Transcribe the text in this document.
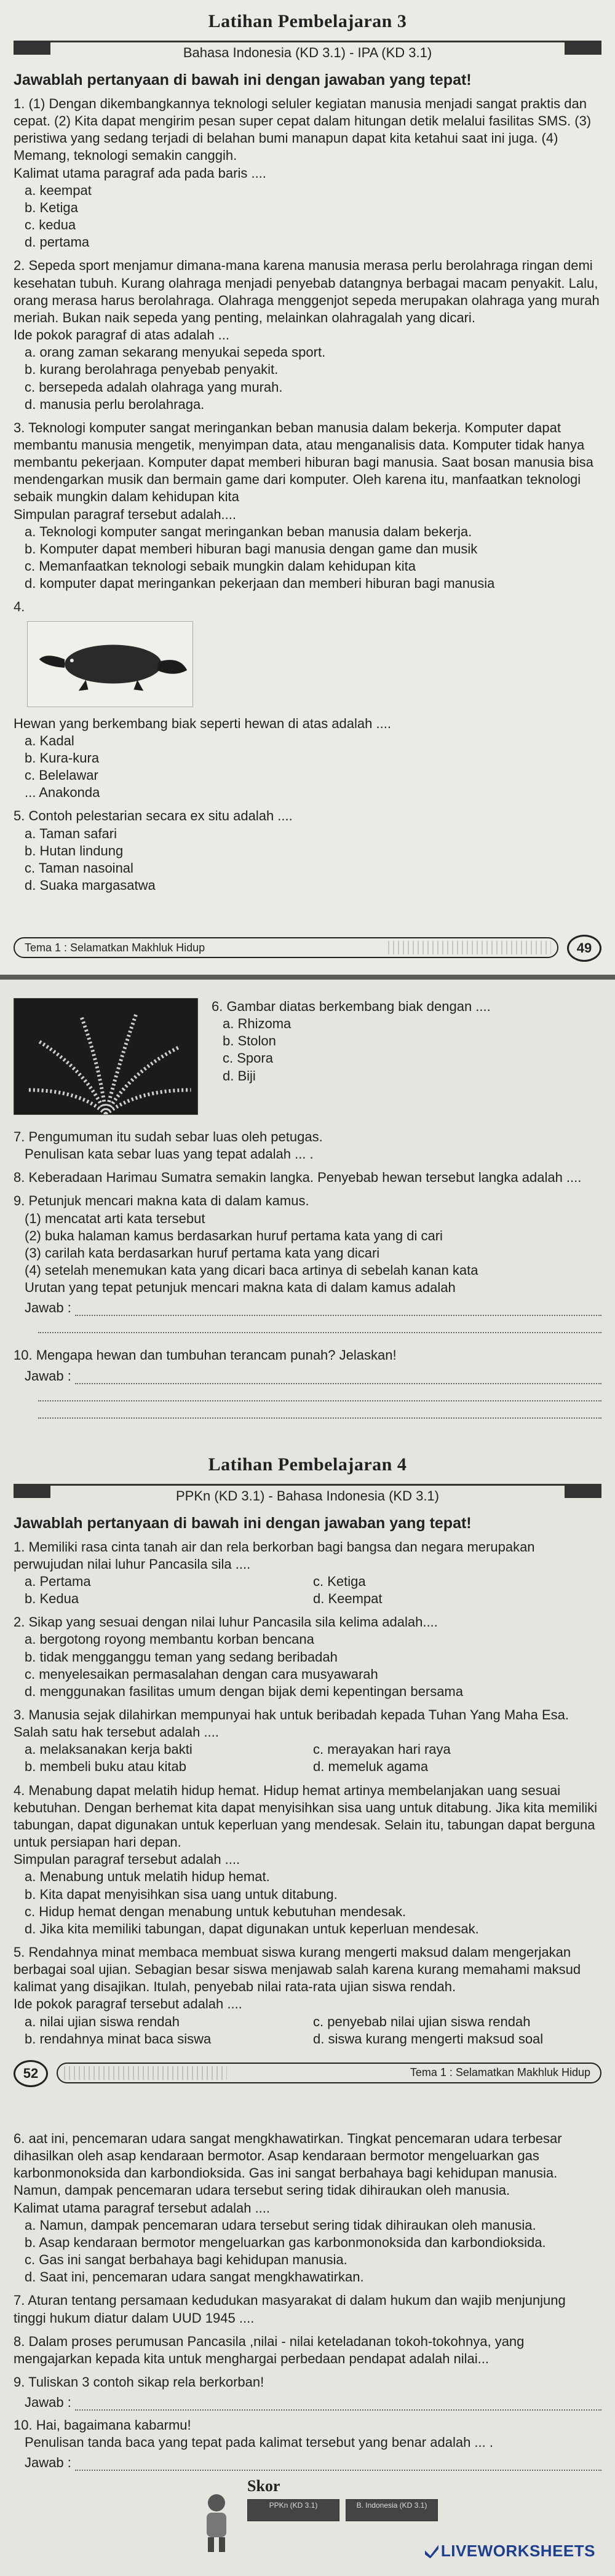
Latihan Pembelajaran 3
Bahasa Indonesia (KD 3.1) - IPA (KD 3.1)
Jawablah pertanyaan di bawah ini dengan jawaban yang tepat!

1. (1) Dengan dikembangkannya teknologi seluler kegiatan manusia menjadi sangat praktis dan cepat. (2) Kita dapat mengirim pesan super cepat dalam hitungan detik melalui fasilitas SMS. (3) peristiwa yang sedang terjadi di belahan bumi manapun dapat kita ketahui saat ini juga. (4) Memang, teknologi semakin canggih.

Kalimat utama paragraf ada pada baris ....

a. keempat
b. Ketiga
c. kedua
d. pertama

2. Sepeda sport menjamur dimana-mana karena manusia merasa perlu berolahraga ringan demi kesehatan tubuh. Kurang olahraga menjadi penyebab datangnya berbagai macam penyakit. Lalu, orang merasa harus berolahraga. Olahraga menggenjot sepeda merupakan olahraga yang murah meriah. Bukan naik sepeda yang penting, melainkan olahragalah yang dicari.

Ide pokok paragraf di atas adalah ...

a. orang zaman sekarang menyukai sepeda sport.
b. kurang berolahraga penyebab penyakit.
c. bersepeda adalah olahraga yang murah.
d. manusia perlu berolahraga.

3. Teknologi komputer sangat meringankan beban manusia dalam bekerja. Komputer dapat membantu manusia mengetik, menyimpan data, atau menganalisis data. Komputer tidak hanya membantu pekerjaan. Komputer dapat memberi hiburan bagi manusia. Saat bosan manusia bisa mendengarkan musik dan bermain game dari komputer. Oleh karena itu, manfaatkan teknologi sebaik mungkin dalam kehidupan kita

Simpulan paragraf tersebut adalah....

a. Teknologi komputer sangat meringankan beban manusia dalam bekerja.
b. Komputer dapat memberi hiburan bagi manusia dengan game dan musik
c. Memanfaatkan teknologi sebaik mungkin dalam kehidupan kita
d. komputer dapat meringankan pekerjaan dan memberi hiburan bagi manusia

4.

Hewan yang berkembang biak seperti hewan di atas adalah ....

a. Kadal
b. Kura-kura
c. Belelawar
... Anakonda

5. Contoh pelestarian secara ex situ adalah ....

a. Taman safari
b. Hutan lindung
c. Taman nasoinal
d. Suaka margasatwa
Tema 1 : Selamatkan Makhluk Hidup	49

6. Gambar diatas berkembang biak dengan ....

a. Rhizoma
b. Stolon
c. Spora
d. Biji

7. Pengumuman itu sudah sebar luas oleh petugas.

Penulisan kata sebar luas yang tepat adalah ... .

8. Keberadaan Harimau Sumatra semakin langka. Penyebab hewan tersebut langka adalah ....

9. Petunjuk mencari makna kata di dalam kamus.

(1) mencatat arti kata tersebut
(2) buka halaman kamus berdasarkan huruf pertama kata yang di cari
(3) carilah kata berdasarkan huruf pertama kata yang dicari
(4) setelah menemukan kata yang dicari baca artinya di sebelah kanan kata
Urutan yang tepat petunjuk mencari makna kata di dalam kamus adalah
Jawab :

10. Mengapa hewan dan tumbuhan terancam punah? Jelaskan!

Jawab :
Latihan Pembelajaran 4
PPKn (KD 3.1) - Bahasa Indonesia (KD 3.1)
Jawablah pertanyaan di bawah ini dengan jawaban yang tepat!

1. Memiliki rasa cinta tanah air dan rela berkorban bagi bangsa dan negara merupakan perwujudan nilai luhur Pancasila sila ....

a. Pertama	c. Ketiga
b. Kedua	d. Keempat

2. Sikap yang sesuai dengan nilai luhur Pancasila sila kelima adalah....

a. bergotong royong membantu korban bencana
b. tidak mengganggu teman yang sedang beribadah
c. menyelesaikan permasalahan dengan cara musyawarah
d. menggunakan fasilitas umum dengan bijak demi kepentingan bersama

3. Manusia sejak dilahirkan mempunyai hak untuk beribadah kepada Tuhan Yang Maha Esa. Salah satu hak tersebut adalah ....

a. melaksanakan kerja bakti	c. merayakan hari raya
b. membeli buku atau kitab	d. memeluk agama

4. Menabung dapat melatih hidup hemat. Hidup hemat artinya membelanjakan uang sesuai kebutuhan. Dengan berhemat kita dapat menyisihkan sisa uang untuk ditabung. Jika kita memiliki tabungan, dapat digunakan untuk keperluan yang mendesak. Selain itu, tabungan dapat berguna untuk persiapan hari depan.

Simpulan paragraf tersebut adalah ....

a. Menabung untuk melatih hidup hemat.
b. Kita dapat menyisihkan sisa uang untuk ditabung.
c. Hidup hemat dengan menabung untuk kebutuhan mendesak.
d. Jika kita memiliki tabungan, dapat digunakan untuk keperluan mendesak.

5. Rendahnya minat membaca membuat siswa kurang mengerti maksud dalam mengerjakan berbagai soal ujian. Sebagian besar siswa menjawab salah karena kurang memahami maksud kalimat yang disajikan. Itulah, penyebab nilai rata-rata ujian siswa rendah.

Ide pokok paragraf tersebut adalah ....

a. nilai ujian siswa rendah	c. penyebab nilai ujian siswa rendah
b. rendahnya minat baca siswa	d. siswa kurang mengerti maksud soal
52	Tema 1 : Selamatkan Makhluk Hidup

6. aat ini, pencemaran udara sangat mengkhawatirkan. Tingkat pencemaran udara terbesar dihasilkan oleh asap kendaraan bermotor. Asap kendaraan bermotor mengeluarkan gas karbonmonoksida dan karbondioksida. Gas ini sangat berbahaya bagi kehidupan manusia. Namun, dampak pencemaran udara tersebut sering tidak dihiraukan oleh manusia.

Kalimat utama paragraf tersebut adalah ....

a. Namun, dampak pencemaran udara tersebut sering tidak dihiraukan oleh manusia.
b. Asap kendaraan bermotor mengeluarkan gas karbonmonoksida dan karbondioksida.
c. Gas ini sangat berbahaya bagi kehidupan manusia.
d. Saat ini, pencemaran udara sangat mengkhawatirkan.

7. Aturan tentang persamaan kedudukan masyarakat di dalam hukum dan wajib menjunjung tinggi hukum diatur dalam UUD 1945 ....

8. Dalam proses perumusan Pancasila ,nilai - nilai keteladanan tokoh-tokohnya, yang mengajarkan kepada kita untuk menghargai perbedaan pendapat adalah nilai...

9. Tuliskan 3 contoh sikap rela berkorban!

Jawab :

10. Hai, bagaimana kabarmu!

Penulisan tanda baca yang tepat pada kalimat tersebut yang benar adalah ... .

Jawab :
Skor
PPKn (KD 3.1)	B. Indonesia (KD 3.1)
LIVEWORKSHEETS
